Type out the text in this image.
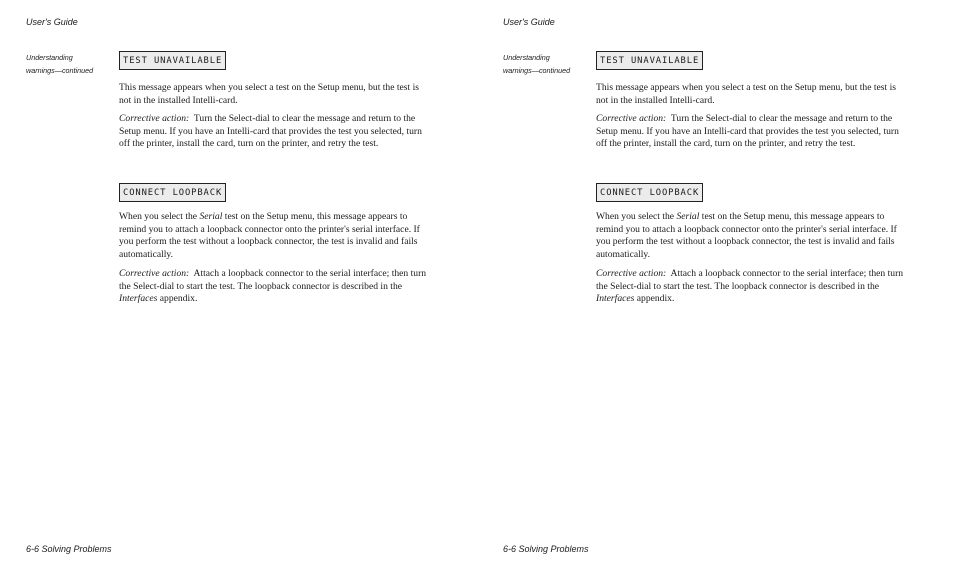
User's Guide
Understanding
warnings—continued
TEST UNAVAILABLE
This message appears when you select a test on the Setup menu, but the test is not in the installed Intelli-card.
Corrective action: Turn the Select-dial to clear the message and return to the Setup menu. If you have an Intelli-card that provides the test you selected, turn off the printer, install the card, turn on the printer, and retry the test.
CONNECT LOOPBACK
When you select the Serial test on the Setup menu, this message appears to remind you to attach a loopback connector onto the printer's serial interface. If you perform the test without a loopback connector, the test is invalid and fails automatically.
Corrective action: Attach a loopback connector to the serial interface; then turn the Select-dial to start the test. The loopback connector is described in the Interfaces appendix.
6-6 Solving Problems
User's Guide
Understanding
warnings—continued
TEST UNAVAILABLE
This message appears when you select a test on the Setup menu, but the test is not in the installed Intelli-card.
Corrective action: Turn the Select-dial to clear the message and return to the Setup menu. If you have an Intelli-card that provides the test you selected, turn off the printer, install the card, turn on the printer, and retry the test.
CONNECT LOOPBACK
When you select the Serial test on the Setup menu, this message appears to remind you to attach a loopback connector onto the printer's serial interface. If you perform the test without a loopback connector, the test is invalid and fails automatically.
Corrective action: Attach a loopback connector to the serial interface; then turn the Select-dial to start the test. The loopback connector is described in the Interfaces appendix.
6-6 Solving Problems
